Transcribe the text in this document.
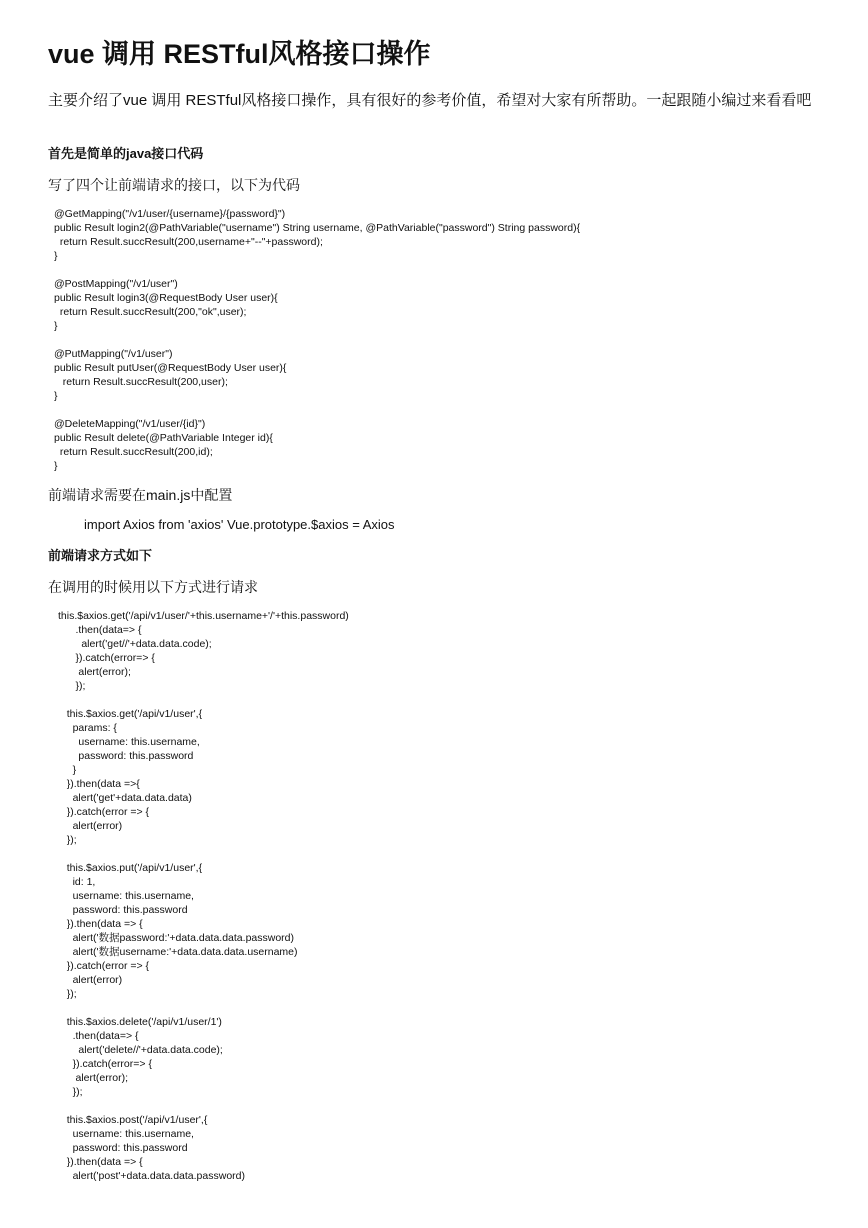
vue 调用 RESTful风格接口操作

主要介绍了vue 调用 RESTful风格接口操作，具有很好的参考价值，希望对大家有所帮助。一起跟随小编过来看看吧

首先是简单的java接口代码

写了四个让前端请求的接口，以下为代码

@GetMapping("/v1/user/{username}/{password}")
public Result login2(@PathVariable("username") String username, @PathVariable("password") String password){
return Result.succResult(200,username+"--"+password);
}

@PostMapping("/v1/user")
public Result login3(@RequestBody User user){
return Result.succResult(200,"ok",user);
}

@PutMapping("/v1/user")
public Result putUser(@RequestBody User user){
return Result.succResult(200,user);
}

@DeleteMapping("/v1/user/{id}")
public Result delete(@PathVariable Integer id){
return Result.succResult(200,id);
}

前端请求需要在main.js中配置

import Axios from 'axios' Vue.prototype.$axios = Axios

前端请求方式如下

在调用的时候用以下方式进行请求

this.$axios.get('/api/v1/user/'+this.username+'/'+this.password)
.then(data=> {
alert('get//'+data.data.code);
}).catch(error=> {
alert(error);
});

this.$axios.get('/api/v1/user',{
params: {
username: this.username,
password: this.password
}
}).then(data =>{
alert('get'+data.data.data)
}).catch(error => {
alert(error)
});

this.$axios.put('/api/v1/user',{
id: 1,
username: this.username,
password: this.password
}).then(data => {
alert('数据password:'+data.data.data.password)
alert('数据username:'+data.data.data.username)
}).catch(error => {
alert(error)
});

this.$axios.delete('/api/v1/user/1')
.then(data=> {
alert('delete//'+data.data.code);
}).catch(error=> {
alert(error);
});

this.$axios.post('/api/v1/user',{
username: this.username,
password: this.password
}).then(data => {
alert('post'+data.data.data.password)
